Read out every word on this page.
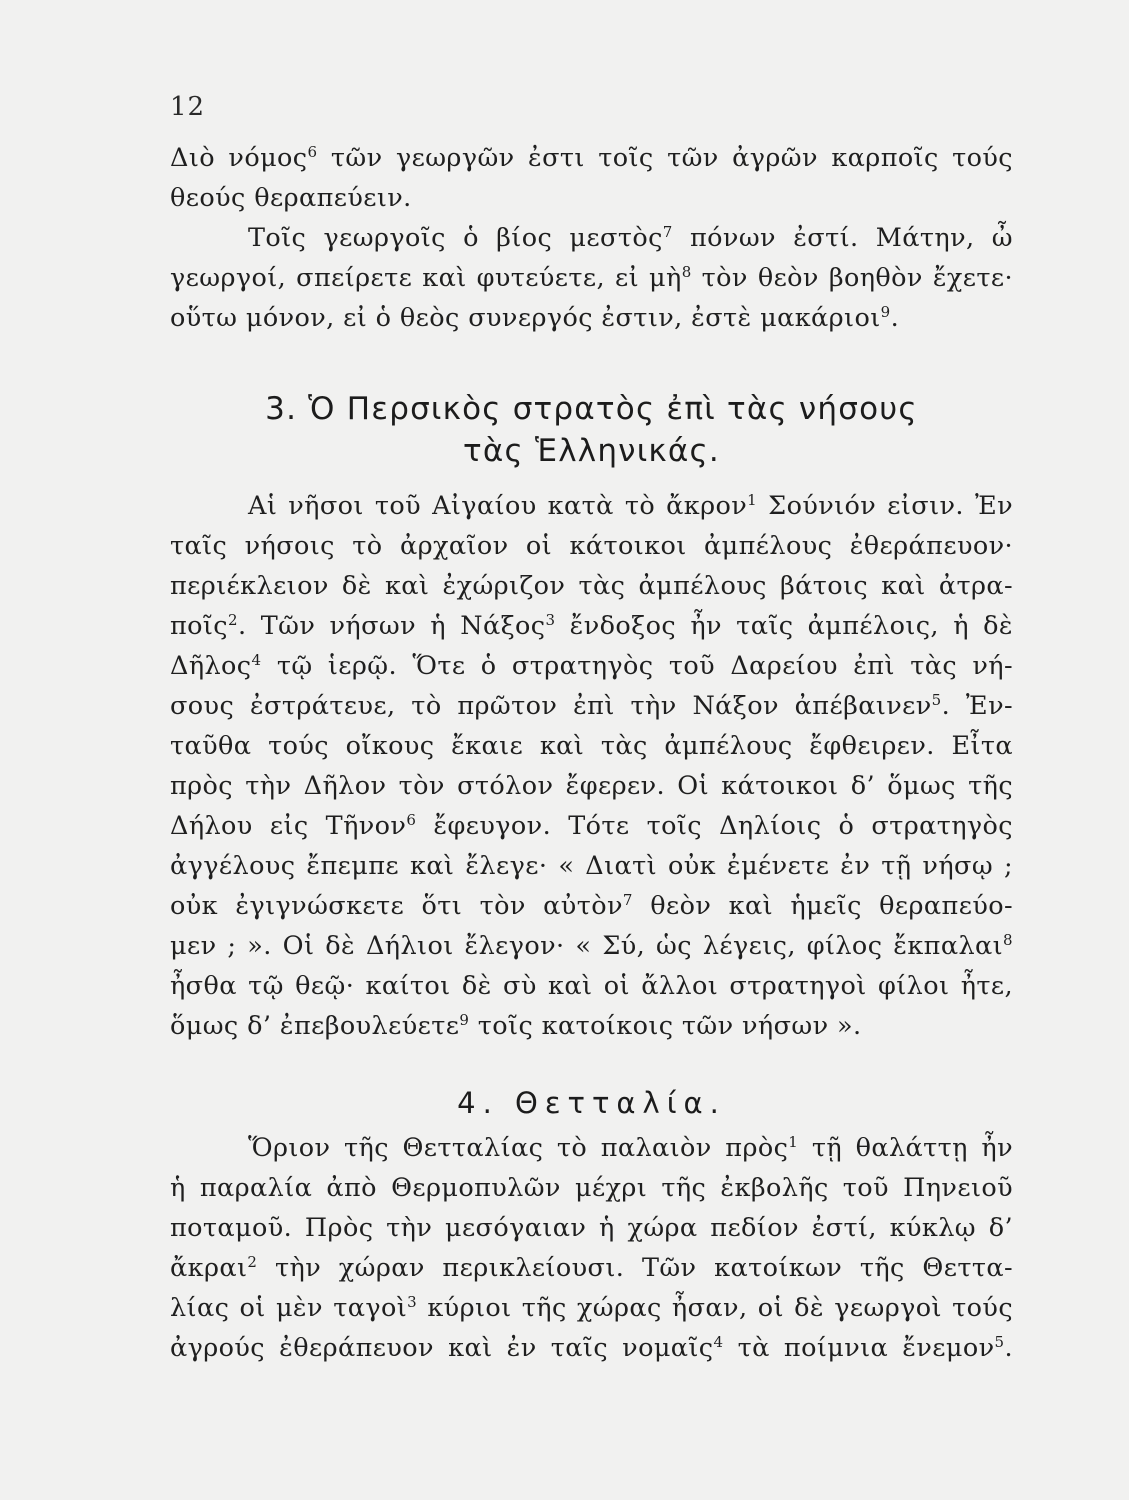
12
Διὸ νόμος$^6$ τῶν γεωργῶν ἐστι τοῖς τῶν ἀγρῶν καρποῖς τούς
θεούς θεραπεύειν.
Τοῖς γεωργοῖς ὁ βίος μεστὸς$^7$ πόνων ἐστί. Μάτην, ὦ
γεωργοί, σπείρετε καὶ φυτεύετε, εἰ μὴ$^8$ τὸν θεὸν βοηθὸν ἔχετε·
οὕτω μόνον, εἰ ὁ θεὸς συνεργός ἐστιν, ἐστὲ μακάριοι$^9$.
3. Ὁ Περσικὸς στρατὸς ἐπὶ τὰς νήσους
τὰς Ἑλληνικάς.
Αἱ νῆσοι τοῦ Αἰγαίου κατὰ τὸ ἄκρον$^1$ Σούνιόν εἰσιν. Ἐν
ταῖς νήσοις τὸ ἀρχαῖον οἱ κάτοικοι ἀμπέλους ἐθεράπευον·
περιέκλειον δὲ καὶ ἐχώριζον τὰς ἀμπέλους βάτοις καὶ ἀτρα-
ποῖς$^2$. Τῶν νήσων ἡ Νάξος$^3$ ἔνδοξος ἦν ταῖς ἀμπέλοις, ἡ δὲ
Δῆλος$^4$ τῷ ἱερῷ. Ὅτε ὁ στρατηγὸς τοῦ Δαρείου ἐπὶ τὰς νή-
σους ἐστράτευε, τὸ πρῶτον ἐπὶ τὴν Νάξον ἀπέβαινεν$^5$. Ἐν-
ταῦθα τούς οἴκους ἔκαιε καὶ τὰς ἀμπέλους ἔφθειρεν. Εἶτα
πρὸς τὴν Δῆλον τὸν στόλον ἔφερεν. Οἱ κάτοικοι δ’ ὅμως τῆς
Δήλου εἰς Τῆνον$^6$ ἔφευγον. Τότε τοῖς Δηλίοις ὁ στρατηγὸς
ἀγγέλους ἔπεμπε καὶ ἔλεγε· « Διατὶ οὐκ ἐμένετε ἐν τῇ νήσῳ ;
οὐκ ἐγιγνώσκετε ὅτι τὸν αὐτὸν$^7$ θεὸν καὶ ἡμεῖς θεραπεύο-
μεν ; ». Οἱ δὲ Δήλιοι ἔλεγον· « Σύ, ὡς λέγεις, φίλος ἔκπαλαι$^8$
ἦσθα τῷ θεῷ· καίτοι δὲ σὺ καὶ οἱ ἄλλοι στρατηγοὶ φίλοι ἦτε,
ὅμως δ’ ἐπεβουλεύετε$^9$ τοῖς κατοίκοις τῶν νήσων ».
4. Θετταλία.
Ὅριον τῆς Θετταλίας τὸ παλαιὸν πρὸς$^1$ τῇ θαλάττῃ ἦν
ἡ παραλία ἀπὸ Θερμοπυλῶν μέχρι τῆς ἐκβολῆς τοῦ Πηνειοῦ
ποταμοῦ. Πρὸς τὴν μεσόγαιαν ἡ χώρα πεδίον ἐστί, κύκλῳ δ’
ἄκραι$^2$ τὴν χώραν περικλείουσι. Τῶν κατοίκων τῆς Θεττα-
λίας οἱ μὲν ταγοὶ$^3$ κύριοι τῆς χώρας ἦσαν, οἱ δὲ γεωργοὶ τούς
ἀγρούς ἐθεράπευον καὶ ἐν ταῖς νομαῖς$^4$ τὰ ποίμνια ἔνεμον$^5$.
